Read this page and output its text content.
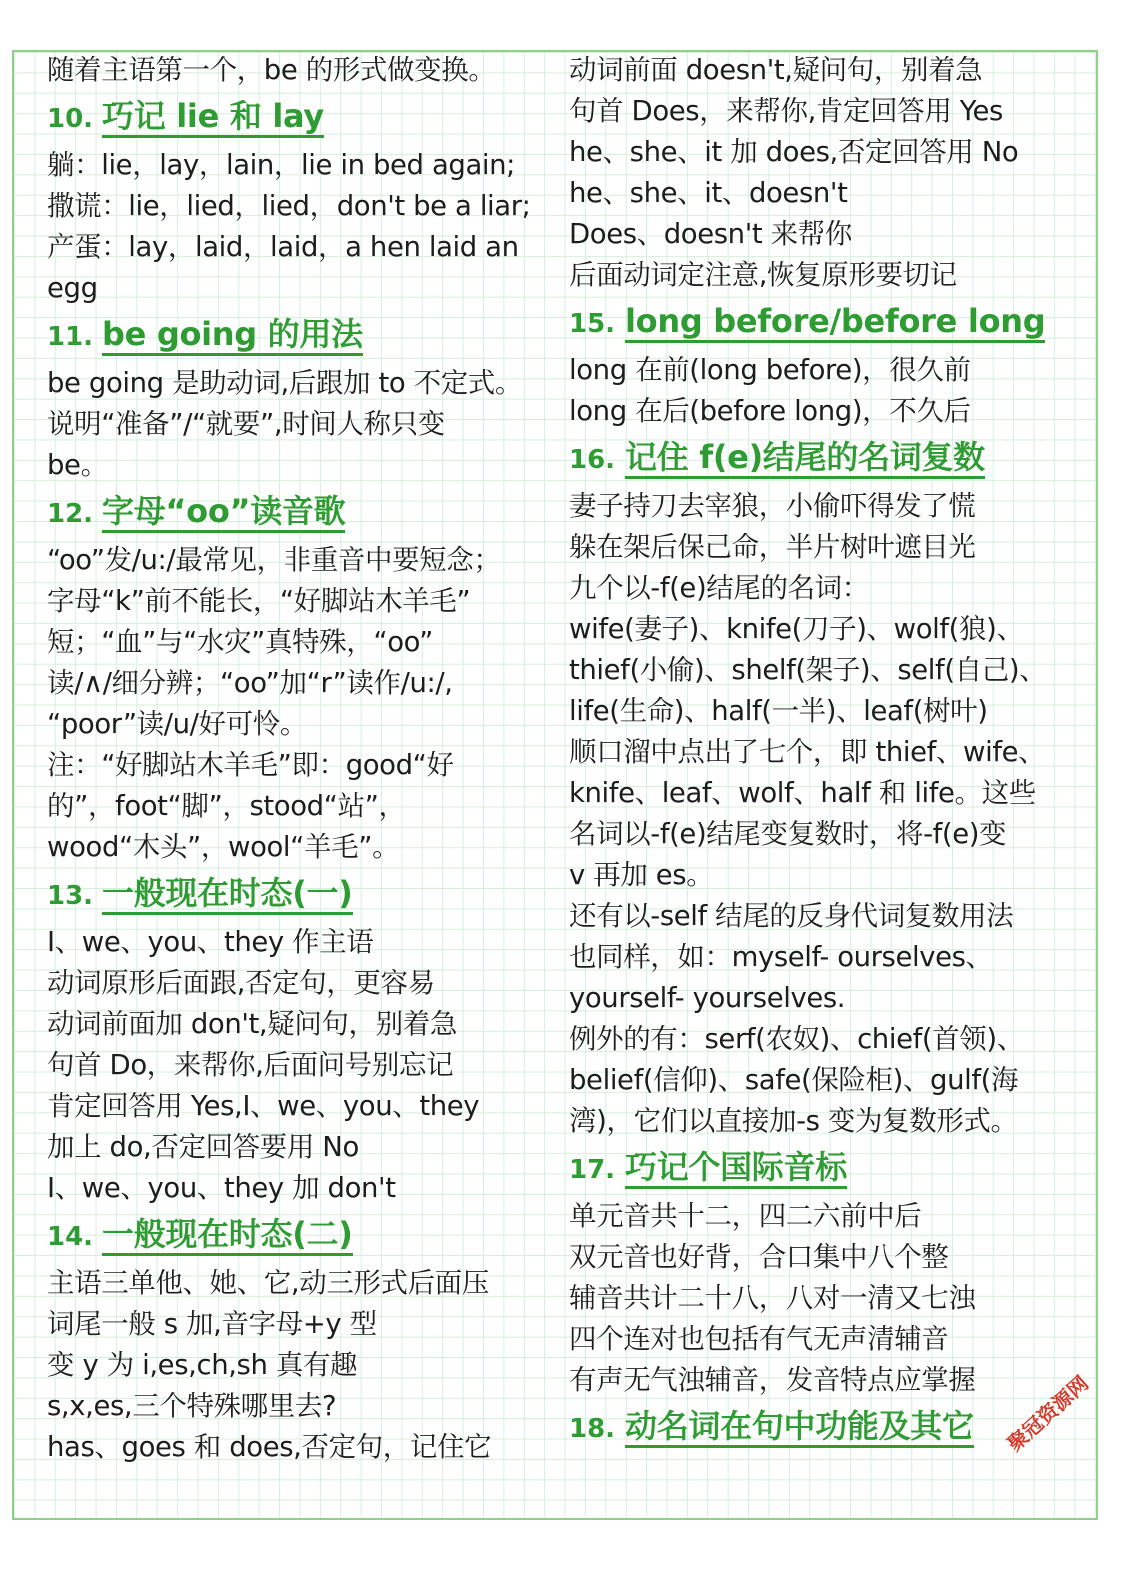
随着主语第一个，be 的形式做变换。
10. 巧记 lie 和 lay
躺：lie，lay，lain，lie in bed again;
撒谎：lie，lied，lied，don't be a liar;
产蛋：lay，laid，laid，a hen laid an
egg
11. be going 的用法
be going 是助动词,后跟加 to 不定式。
说明“准备”/“就要”,时间人称只变
be。
12. 字母“oo”读音歌
“oo”发/u:/最常见，非重音中要短念；
字母“k”前不能长，“好脚站木羊毛”
短；“血”与“水灾”真特殊，“oo”
读/∧/细分辨；“oo”加“r”读作/u:/,
“poor”读/u/好可怜。
注：“好脚站木羊毛”即：good“好
的”，foot“脚”，stood“站”，
wood“木头”，wool“羊毛”。
13. 一般现在时态(一)
I、we、you、they 作主语
动词原形后面跟,否定句，更容易
动词前面加 don't,疑问句，别着急
句首 Do，来帮你,后面问号别忘记
肯定回答用 Yes,I、we、you、they
加上 do,否定回答要用 No
I、we、you、they 加 don't
14. 一般现在时态(二)
主语三单他、她、它,动三形式后面压
词尾一般 s 加,音字母+y 型
变 y 为 i,es,ch,sh 真有趣
s,x,es,三个特殊哪里去?
has、goes 和 does,否定句，记住它
动词前面 doesn't,疑问句，别着急
句首 Does，来帮你,肯定回答用 Yes
he、she、it 加 does,否定回答用 No
he、she、it、doesn't
Does、doesn't 来帮你
后面动词定注意,恢复原形要切记
15. long before/before long
long 在前(long before)，很久前
long 在后(before long)，不久后
16. 记住 f(e)结尾的名词复数
妻子持刀去宰狼，小偷吓得发了慌
躲在架后保己命，半片树叶遮目光
九个以-f(e)结尾的名词：
wife(妻子)、knife(刀子)、wolf(狼)、
thief(小偷)、shelf(架子)、self(自己)、
life(生命)、half(一半)、leaf(树叶)
顺口溜中点出了七个，即 thief、wife、
knife、leaf、wolf、half 和 life。这些
名词以-f(e)结尾变复数时，将-f(e)变
v 再加 es。
还有以-self 结尾的反身代词复数用法
也同样，如：myself- ourselves、
yourself- yourselves.
例外的有：serf(农奴)、chief(首领)、
belief(信仰)、safe(保险柜)、gulf(海
湾)，它们以直接加-s 变为复数形式。
17. 巧记个国际音标
单元音共十二，四二六前中后
双元音也好背，合口集中八个整
辅音共计二十八，八对一清又七浊
四个连对也包括有气无声清辅音
有声无气浊辅音，发音特点应掌握
18. 动名词在句中功能及其它 聚冠资源网
